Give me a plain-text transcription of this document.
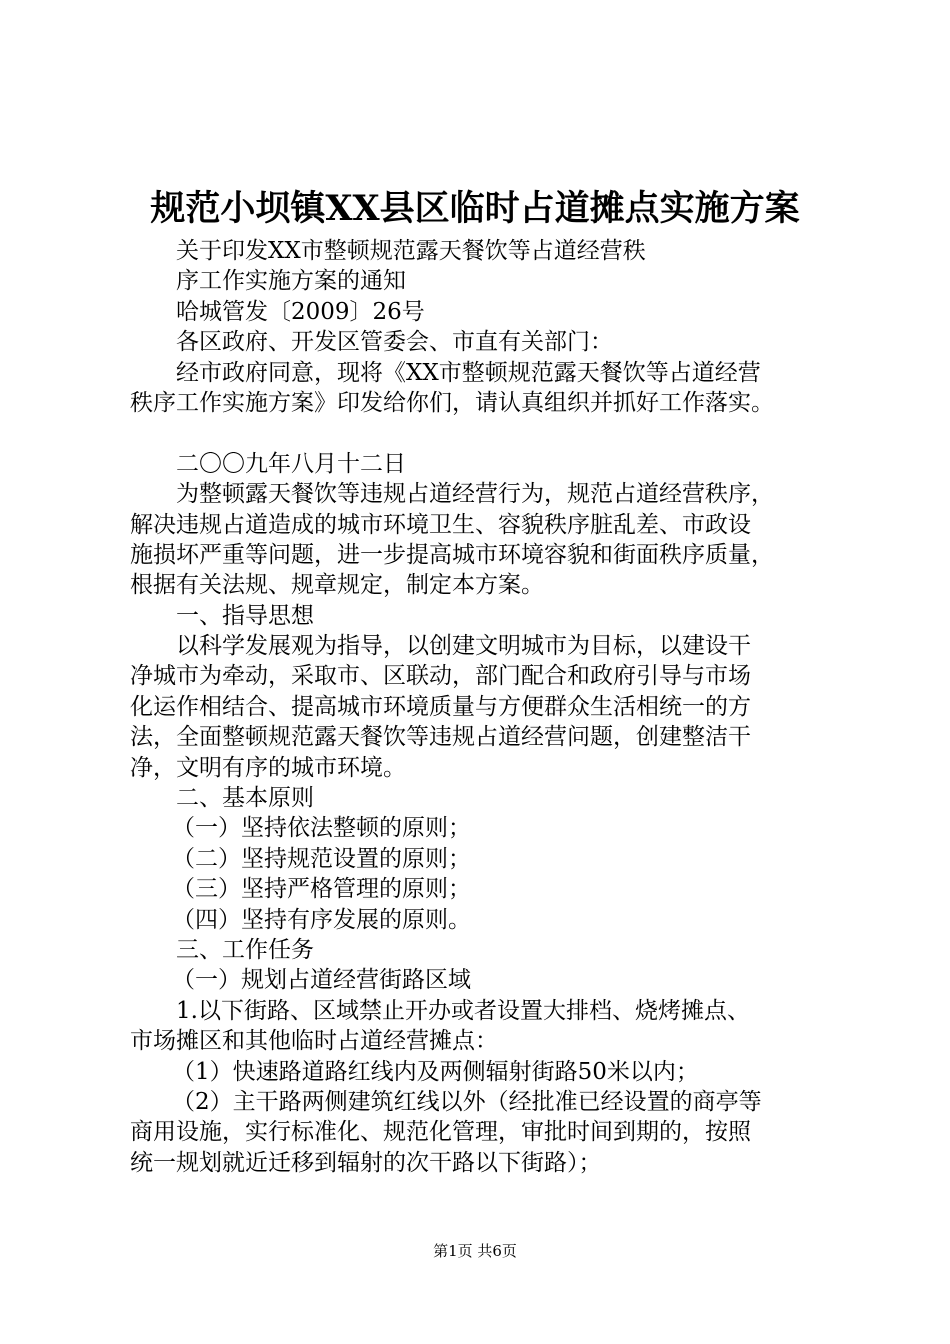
规范小坝镇XX县区临时占道摊点实施方案
关于印发XX市整顿规范露天餐饮等占道经营秩
序工作实施方案的通知
哈城管发〔2009〕26号
各区政府、开发区管委会、市直有关部门：
经市政府同意，现将《XX市整顿规范露天餐饮等占道经营
秩序工作实施方案》印发给你们，请认真组织并抓好工作落实。
二〇〇九年八月十二日
为整顿露天餐饮等违规占道经营行为，规范占道经营秩序，
解决违规占道造成的城市环境卫生、容貌秩序脏乱差、市政设
施损坏严重等问题，进一步提高城市环境容貌和街面秩序质量，
根据有关法规、规章规定，制定本方案。
一、指导思想
以科学发展观为指导，以创建文明城市为目标，以建设干
净城市为牵动，采取市、区联动，部门配合和政府引导与市场
化运作相结合、提高城市环境质量与方便群众生活相统一的方
法，全面整顿规范露天餐饮等违规占道经营问题，创建整洁干
净，文明有序的城市环境。
二、基本原则
（一）坚持依法整顿的原则；
（二）坚持规范设置的原则；
（三）坚持严格管理的原则；
（四）坚持有序发展的原则。
三、工作任务
（一）规划占道经营街路区域
1.以下街路、区域禁止开办或者设置大排档、烧烤摊点、
市场摊区和其他临时占道经营摊点：
（1）快速路道路红线内及两侧辐射街路50米以内；
（2）主干路两侧建筑红线以外（经批准已经设置的商亭等
商用设施，实行标准化、规范化管理，审批时间到期的，按照
统一规划就近迁移到辐射的次干路以下街路）；
第1页 共6页
